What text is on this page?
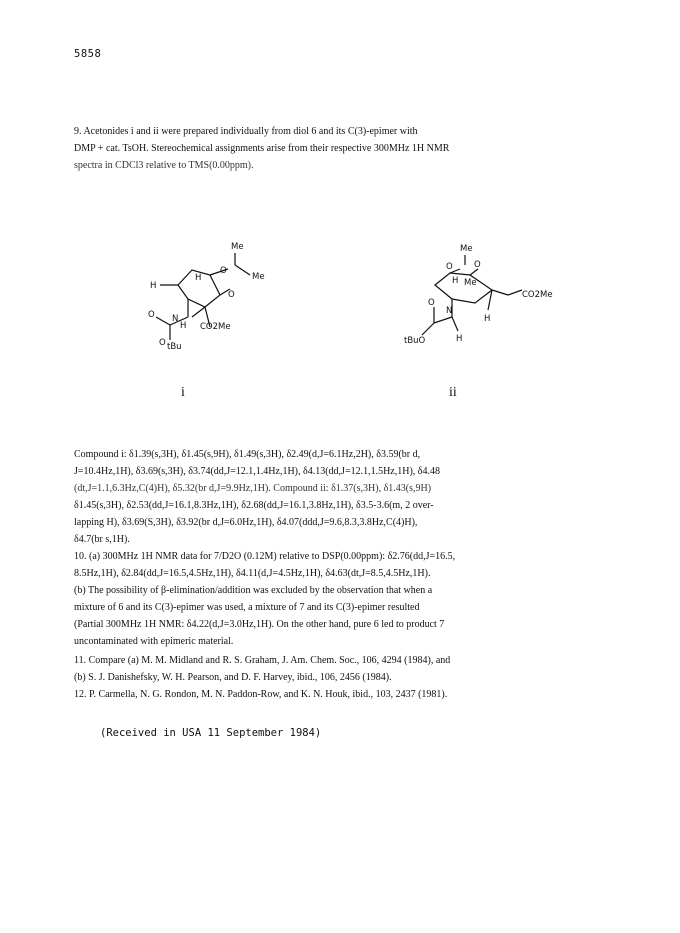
5858
9. Acetonides i and ii were prepared individually from diol 6 and its C(3)-epimer with
DMP + cat. TsOH. Stereochemical assignments arise from their respective 300MHz 1H NMR
spectra in CDCl3 relative to TMS(0.00ppm).
Me
Me
O
O
H
H
O N
H CO2Me
O tBu
Me
O	O
H Me
O
N
H
CO2Me
tBuO	H
i	ii
Compound i: δ1.39(s,3H), δ1.45(s,9H), δ1.49(s,3H), δ2.49(d,J=6.1Hz,2H), δ3.59(br d,
J=10.4Hz,1H), δ3.69(s,3H), δ3.74(dd,J=12.1,1.4Hz,1H), δ4.13(dd,J=12.1,1.5Hz,1H), δ4.48
(dt,J=1.1,6.3Hz,C(4)H), δ5.32(br d,J=9.9Hz,1H). Compound ii: δ1.37(s,3H), δ1.43(s,9H)
δ1.45(s,3H), δ2.53(dd,J=16.1,8.3Hz,1H), δ2.68(dd,J=16.1,3.8Hz,1H), δ3.5-3.6(m, 2 over-
lapping H), δ3.69(S,3H), δ3.92(br d,J=6.0Hz,1H), δ4.07(ddd,J=9.6,8.3,3.8Hz,C(4)H),
δ4.7(br s,1H).
10. (a) 300MHz 1H NMR data for 7/D2O (0.12M) relative to DSP(0.00ppm): δ2.76(dd,J=16.5,
8.5Hz,1H), δ2.84(dd,J=16.5,4.5Hz,1H), δ4.11(d,J=4.5Hz,1H), δ4.63(dt,J=8.5,4.5Hz,1H).
(b) The possibility of β-elimination/addition was excluded by the observation that when a
mixture of 6 and its C(3)-epimer was used, a mixture of 7 and its C(3)-epimer resulted
(Partial 300MHz 1H NMR: δ4.22(d,J=3.0Hz,1H). On the other hand, pure 6 led to product 7
uncontaminated with epimeric material.
11. Compare (a) M. M. Midland and R. S. Graham, J. Am. Chem. Soc., 106, 4294 (1984), and
(b) S. J. Danishefsky, W. H. Pearson, and D. F. Harvey, ibid., 106, 2456 (1984).
12. P. Carmella, N. G. Rondon, M. N. Paddon-Row, and K. N. Houk, ibid., 103, 2437 (1981).
(Received in USA 11 September 1984)
